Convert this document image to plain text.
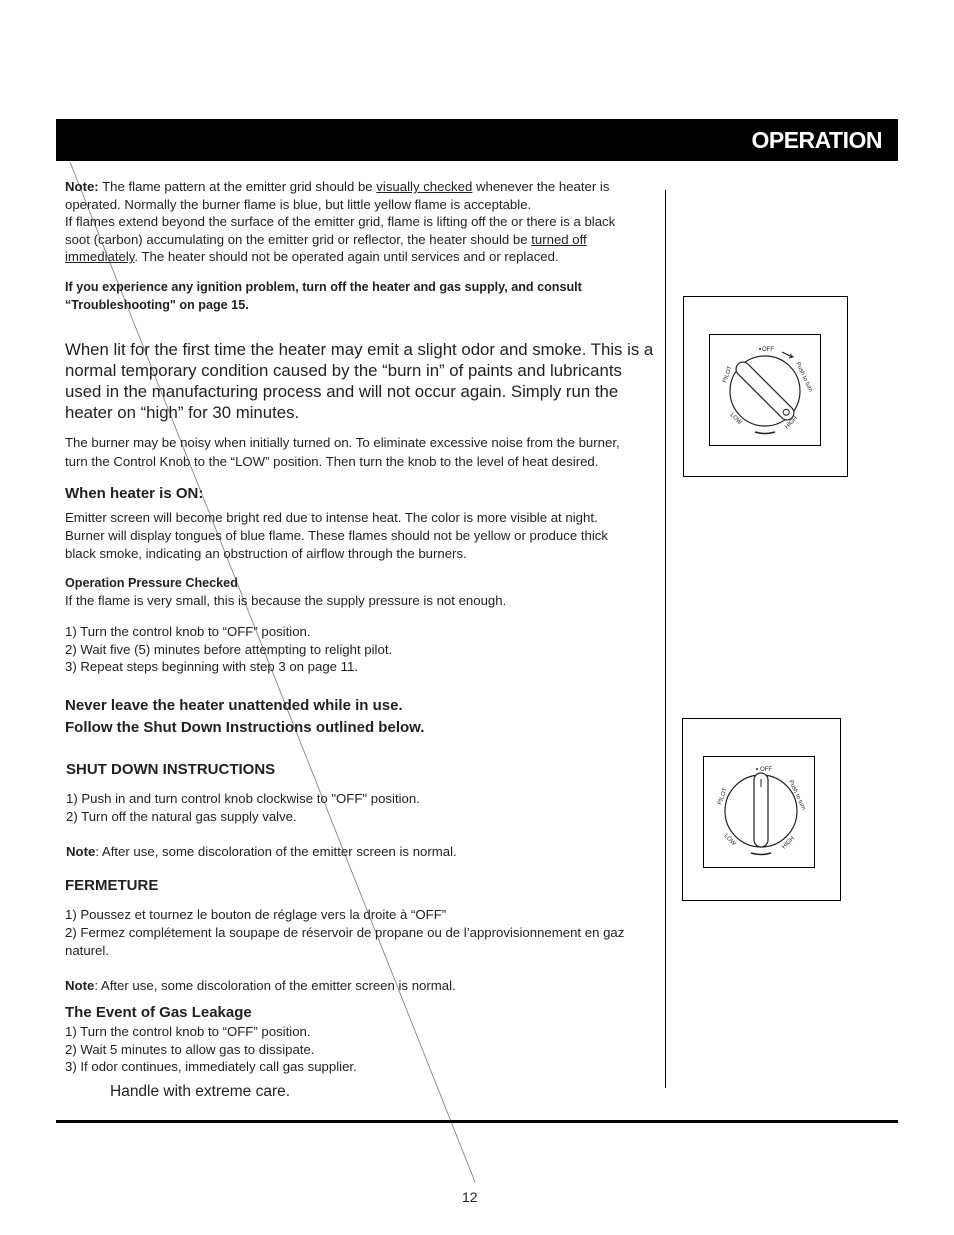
OPERATION
Note: The flame pattern at the emitter grid should be visually checked whenever the heater is
operated. Normally the burner flame is blue, but little yellow flame is acceptable.
If flames extend beyond the surface of the emitter grid, flame is lifting off the or there is a black
soot (carbon) accumulating on the emitter grid or reflector, the heater should be turned off
immediately. The heater should not be operated again until services and or replaced.
If you experience any ignition problem, turn off the heater and gas supply, and consult
“Troubleshooting" on page 15.
When lit for the first time the heater may emit a slight odor and smoke. This is a
normal temporary condition caused by the “burn in” of paints and lubricants
used in the manufacturing process and will not occur again. Simply run the
heater on “high” for 30 minutes.
The burner may be noisy when initially turned on. To eliminate excessive noise from the burner,
turn the Control Knob to the “LOW” position. Then turn the knob to the level of heat desired.
When heater is ON:
Emitter screen will become bright red due to intense heat. The color is more visible at night.
Burner will display tongues of blue flame. These flames should not be yellow or produce thick
black smoke, indicating an obstruction of airflow through the burners.
Operation Pressure Checked
If the flame is very small, this is because the supply pressure is not enough.
1) Turn the control knob to “OFF” position.
2) Wait five (5) minutes before attempting to relight pilot.
3) Repeat steps beginning with step 3 on page 11.
Never leave the heater unattended while in use.
Follow the Shut Down Instructions outlined below.
SHUT DOWN INSTRUCTIONS
1) Push in and turn control knob clockwise to "OFF" position.
2) Turn off the natural gas supply valve.
Note: After use, some discoloration of the emitter screen is normal.
FERMETURE
1) Poussez et tournez le bouton de réglage vers la droite à “OFF”
2) Fermez complétement la soupape de réservoir de propane ou de l’approvisionnement en gaz
naturel.
Note: After use, some discoloration of the emitter screen is normal.
The Event of Gas Leakage
1) Turn the control knob to “OFF” position.
2) Wait 5 minutes to allow gas to dissipate.
3) If odor continues, immediately call gas supplier.
Handle with extreme care.
OFF
PILOT	Push to turn
LOW	HIGH
OFF
PILOT	Push to turn
LOW	HIGH
12
